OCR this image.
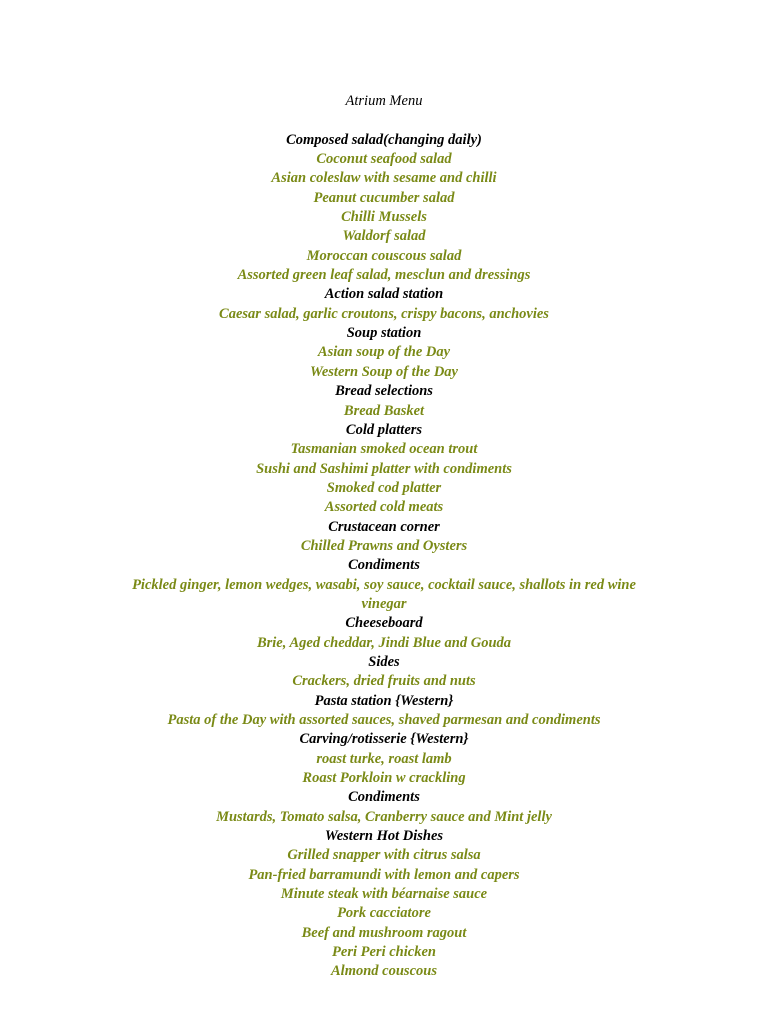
Atrium Menu
Composed salad(changing daily)
Coconut seafood salad
Asian coleslaw with sesame and chilli
Peanut cucumber salad
Chilli Mussels
Waldorf salad
Moroccan couscous salad
Assorted green leaf salad, mesclun and dressings
Action salad station
Caesar salad, garlic croutons, crispy bacons, anchovies
Soup station
Asian soup of the Day
Western Soup of the Day
Bread selections
Bread Basket
Cold platters
Tasmanian smoked ocean trout
Sushi and Sashimi platter with condiments
Smoked cod platter
Assorted cold meats
Crustacean corner
Chilled Prawns and Oysters
Condiments
Pickled ginger, lemon wedges, wasabi, soy sauce, cocktail sauce, shallots in red wine vinegar
Cheeseboard
Brie, Aged cheddar, Jindi Blue and Gouda
Sides
Crackers, dried fruits and nuts
Pasta station {Western}
Pasta of the Day with assorted sauces, shaved parmesan and condiments
Carving/rotisserie {Western}
roast turke, roast lamb
Roast Porkloin w crackling
Condiments
Mustards, Tomato salsa, Cranberry sauce and Mint jelly
Western Hot Dishes
Grilled snapper with citrus salsa
Pan-fried barramundi with lemon and capers
Minute steak with béarnaise sauce
Pork cacciatore
Beef and mushroom ragout
Peri Peri chicken
Almond couscous
